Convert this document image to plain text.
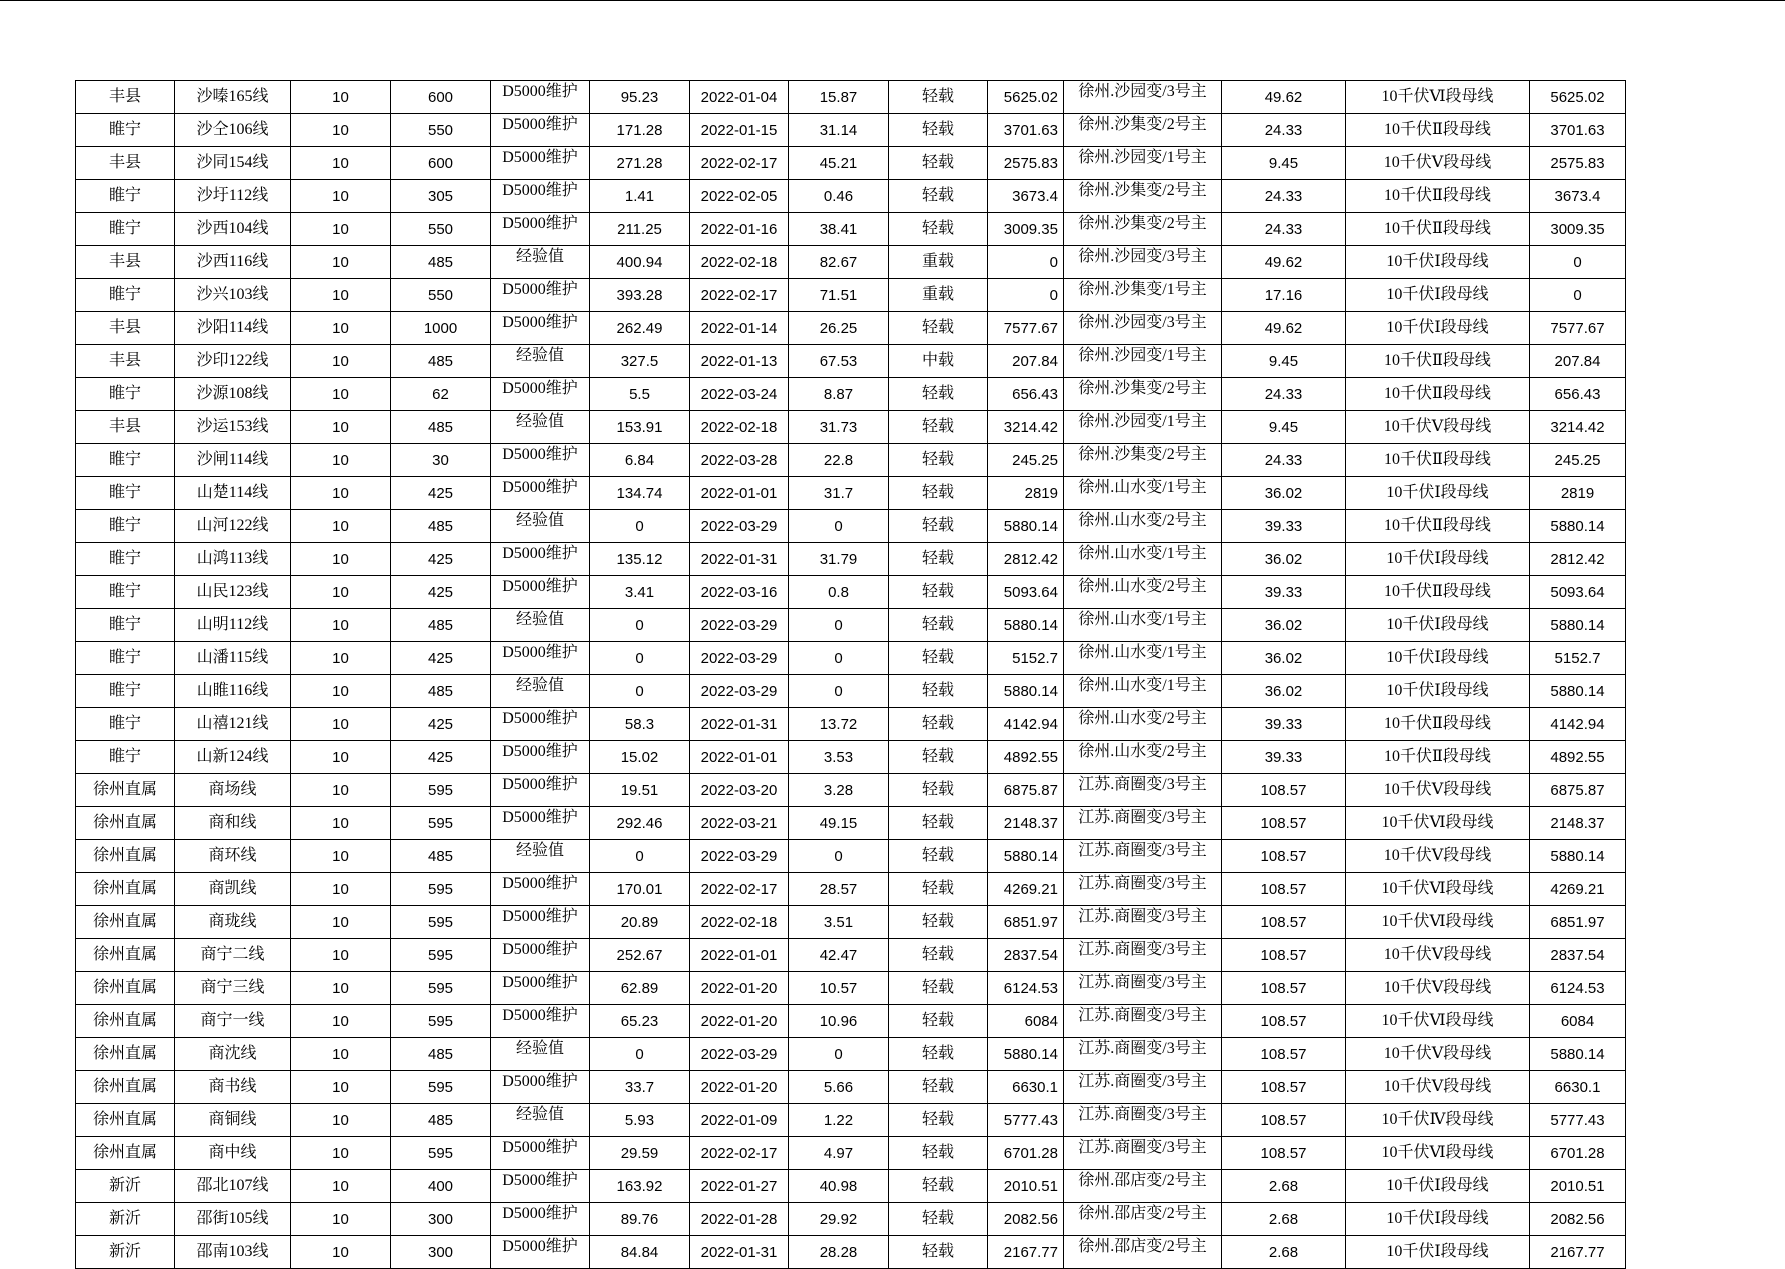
丰县	沙嗪165线	10	600	D5000维护	95.23	2022-01-04	15.87	轻载	5625.02	徐州.沙园变/3号主	49.62	10千伏Ⅵ段母线	5625.02
睢宁	沙仝106线	10	550	D5000维护	171.28	2022-01-15	31.14	轻载	3701.63	徐州.沙集变/2号主	24.33	10千伏Ⅱ段母线	3701.63
丰县	沙同154线	10	600	D5000维护	271.28	2022-02-17	45.21	轻载	2575.83	徐州.沙园变/1号主	9.45	10千伏Ⅴ段母线	2575.83
睢宁	沙圩112线	10	305	D5000维护	1.41	2022-02-05	0.46	轻载	3673.4	徐州.沙集变/2号主	24.33	10千伏Ⅱ段母线	3673.4
睢宁	沙西104线	10	550	D5000维护	211.25	2022-01-16	38.41	轻载	3009.35	徐州.沙集变/2号主	24.33	10千伏Ⅱ段母线	3009.35
丰县	沙西116线	10	485	经验值	400.94	2022-02-18	82.67	重载	0	徐州.沙园变/3号主	49.62	10千伏Ⅰ段母线	0
睢宁	沙兴103线	10	550	D5000维护	393.28	2022-02-17	71.51	重载	0	徐州.沙集变/1号主	17.16	10千伏Ⅰ段母线	0
丰县	沙阳114线	10	1000	D5000维护	262.49	2022-01-14	26.25	轻载	7577.67	徐州.沙园变/3号主	49.62	10千伏Ⅰ段母线	7577.67
丰县	沙印122线	10	485	经验值	327.5	2022-01-13	67.53	中载	207.84	徐州.沙园变/1号主	9.45	10千伏Ⅱ段母线	207.84
睢宁	沙源108线	10	62	D5000维护	5.5	2022-03-24	8.87	轻载	656.43	徐州.沙集变/2号主	24.33	10千伏Ⅱ段母线	656.43
丰县	沙运153线	10	485	经验值	153.91	2022-02-18	31.73	轻载	3214.42	徐州.沙园变/1号主	9.45	10千伏Ⅴ段母线	3214.42
睢宁	沙闸114线	10	30	D5000维护	6.84	2022-03-28	22.8	轻载	245.25	徐州.沙集变/2号主	24.33	10千伏Ⅱ段母线	245.25
睢宁	山楚114线	10	425	D5000维护	134.74	2022-01-01	31.7	轻载	2819	徐州.山水变/1号主	36.02	10千伏Ⅰ段母线	2819
睢宁	山河122线	10	485	经验值	0	2022-03-29	0	轻载	5880.14	徐州.山水变/2号主	39.33	10千伏Ⅱ段母线	5880.14
睢宁	山鸿113线	10	425	D5000维护	135.12	2022-01-31	31.79	轻载	2812.42	徐州.山水变/1号主	36.02	10千伏Ⅰ段母线	2812.42
睢宁	山民123线	10	425	D5000维护	3.41	2022-03-16	0.8	轻载	5093.64	徐州.山水变/2号主	39.33	10千伏Ⅱ段母线	5093.64
睢宁	山明112线	10	485	经验值	0	2022-03-29	0	轻载	5880.14	徐州.山水变/1号主	36.02	10千伏Ⅰ段母线	5880.14
睢宁	山潘115线	10	425	D5000维护	0	2022-03-29	0	轻载	5152.7	徐州.山水变/1号主	36.02	10千伏Ⅰ段母线	5152.7
睢宁	山睢116线	10	485	经验值	0	2022-03-29	0	轻载	5880.14	徐州.山水变/1号主	36.02	10千伏Ⅰ段母线	5880.14
睢宁	山禧121线	10	425	D5000维护	58.3	2022-01-31	13.72	轻载	4142.94	徐州.山水变/2号主	39.33	10千伏Ⅱ段母线	4142.94
睢宁	山新124线	10	425	D5000维护	15.02	2022-01-01	3.53	轻载	4892.55	徐州.山水变/2号主	39.33	10千伏Ⅱ段母线	4892.55
徐州直属	商场线	10	595	D5000维护	19.51	2022-03-20	3.28	轻载	6875.87	江苏.商圈变/3号主	108.57	10千伏Ⅴ段母线	6875.87
徐州直属	商和线	10	595	D5000维护	292.46	2022-03-21	49.15	轻载	2148.37	江苏.商圈变/3号主	108.57	10千伏Ⅵ段母线	2148.37
徐州直属	商环线	10	485	经验值	0	2022-03-29	0	轻载	5880.14	江苏.商圈变/3号主	108.57	10千伏Ⅴ段母线	5880.14
徐州直属	商凯线	10	595	D5000维护	170.01	2022-02-17	28.57	轻载	4269.21	江苏.商圈变/3号主	108.57	10千伏Ⅵ段母线	4269.21
徐州直属	商珑线	10	595	D5000维护	20.89	2022-02-18	3.51	轻载	6851.97	江苏.商圈变/3号主	108.57	10千伏Ⅵ段母线	6851.97
徐州直属	商宁二线	10	595	D5000维护	252.67	2022-01-01	42.47	轻载	2837.54	江苏.商圈变/3号主	108.57	10千伏Ⅴ段母线	2837.54
徐州直属	商宁三线	10	595	D5000维护	62.89	2022-01-20	10.57	轻载	6124.53	江苏.商圈变/3号主	108.57	10千伏Ⅴ段母线	6124.53
徐州直属	商宁一线	10	595	D5000维护	65.23	2022-01-20	10.96	轻载	6084	江苏.商圈变/3号主	108.57	10千伏Ⅵ段母线	6084
徐州直属	商沈线	10	485	经验值	0	2022-03-29	0	轻载	5880.14	江苏.商圈变/3号主	108.57	10千伏Ⅴ段母线	5880.14
徐州直属	商书线	10	595	D5000维护	33.7	2022-01-20	5.66	轻载	6630.1	江苏.商圈变/3号主	108.57	10千伏Ⅴ段母线	6630.1
徐州直属	商铜线	10	485	经验值	5.93	2022-01-09	1.22	轻载	5777.43	江苏.商圈变/3号主	108.57	10千伏Ⅳ段母线	5777.43
徐州直属	商中线	10	595	D5000维护	29.59	2022-02-17	4.97	轻载	6701.28	江苏.商圈变/3号主	108.57	10千伏Ⅵ段母线	6701.28
新沂	邵北107线	10	400	D5000维护	163.92	2022-01-27	40.98	轻载	2010.51	徐州.邵店变/2号主	2.68	10千伏Ⅰ段母线	2010.51
新沂	邵街105线	10	300	D5000维护	89.76	2022-01-28	29.92	轻载	2082.56	徐州.邵店变/2号主	2.68	10千伏Ⅰ段母线	2082.56
新沂	邵南103线	10	300	D5000维护	84.84	2022-01-31	28.28	轻载	2167.77	徐州.邵店变/2号主	2.68	10千伏Ⅰ段母线	2167.77
